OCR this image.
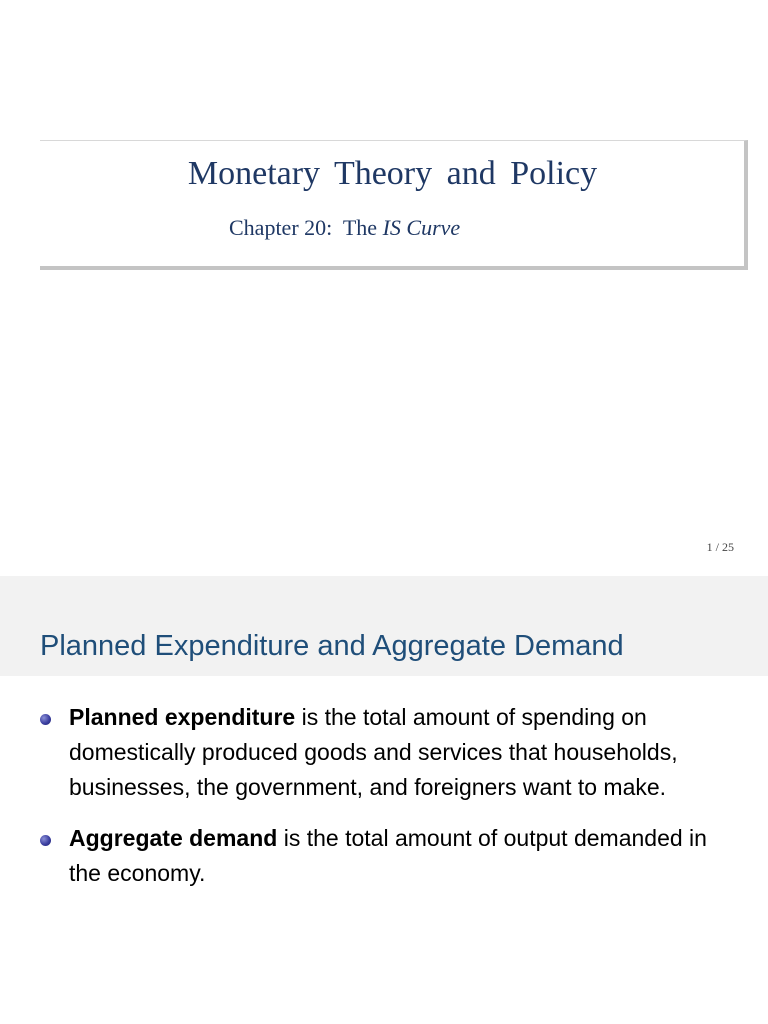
Monetary Theory and Policy
Chapter 20:  The IS Curve
1 / 25
Planned Expenditure and Aggregate Demand
Planned expenditure is the total amount of spending on domestically produced goods and services that households, businesses, the government, and foreigners want to make.
Aggregate demand is the total amount of output demanded in the economy.
